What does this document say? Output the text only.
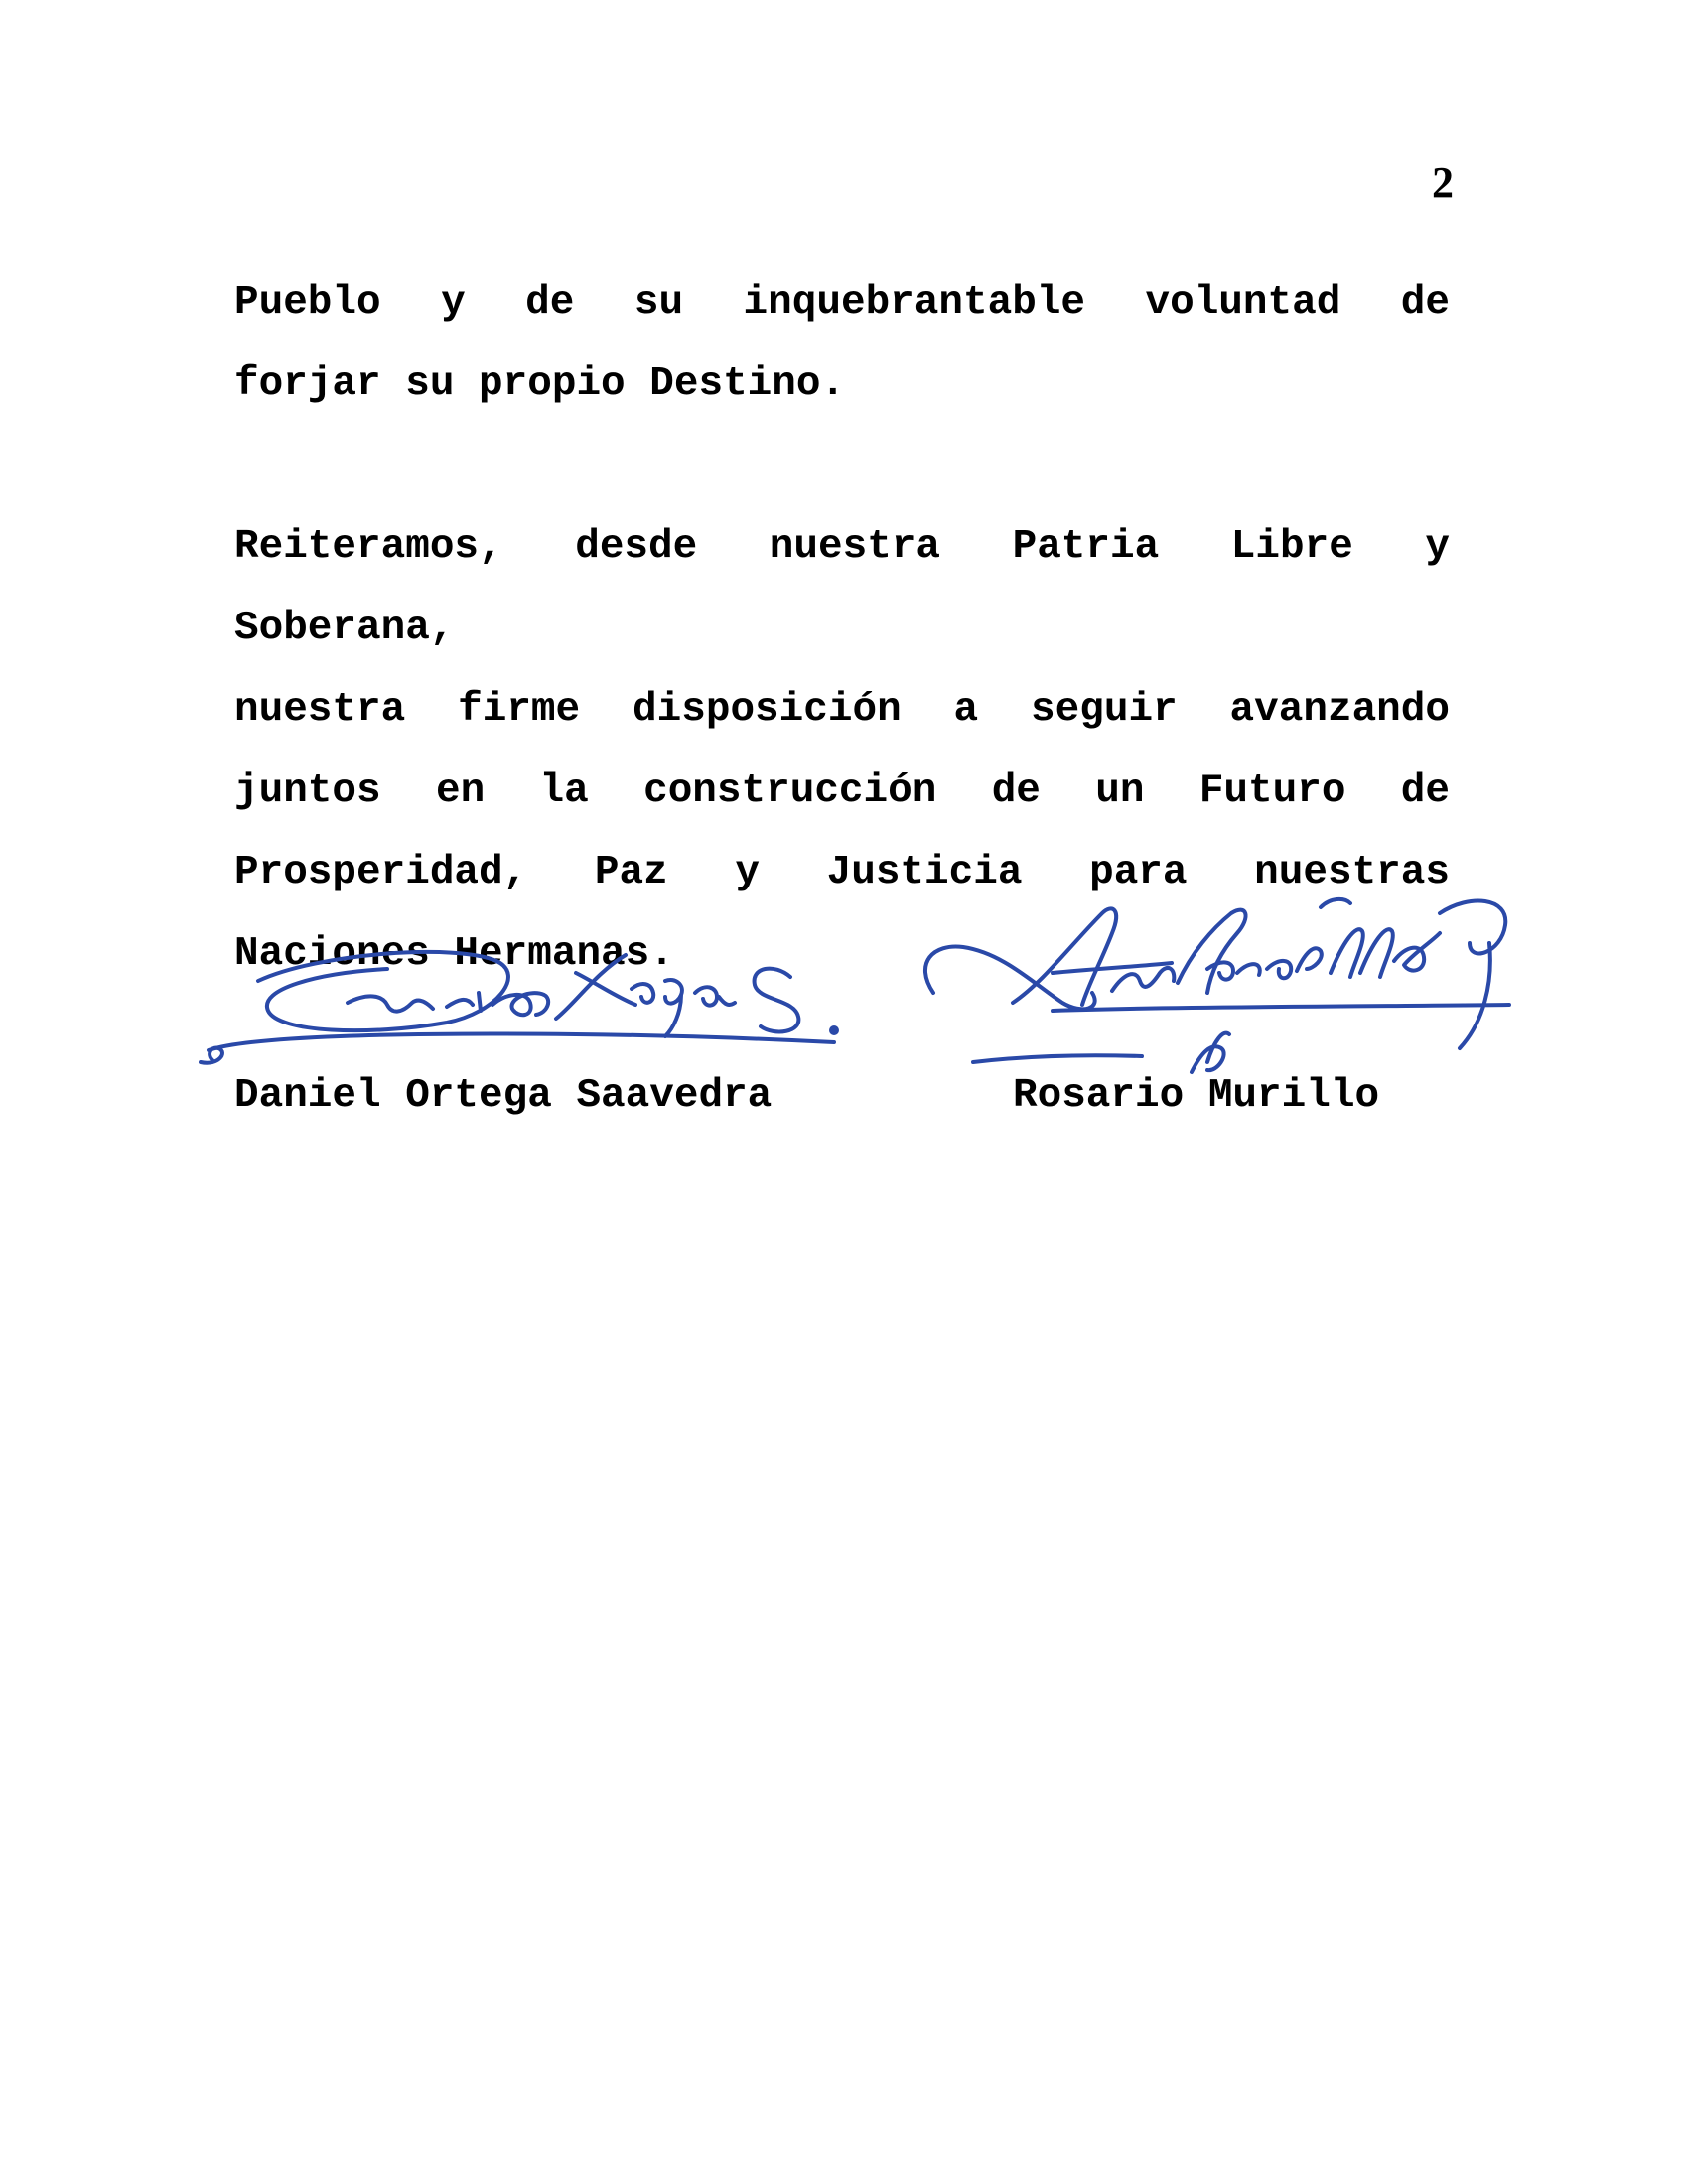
2
Pueblo y de su inquebrantable voluntad de
forjar su propio Destino.
Reiteramos, desde nuestra Patria Libre y Soberana,
nuestra firme disposición a seguir avanzando
juntos en la construcción de un Futuro de
Prosperidad, Paz y Justicia para nuestras
Naciones Hermanas.
Daniel Ortega Saavedra	Rosario Murillo
